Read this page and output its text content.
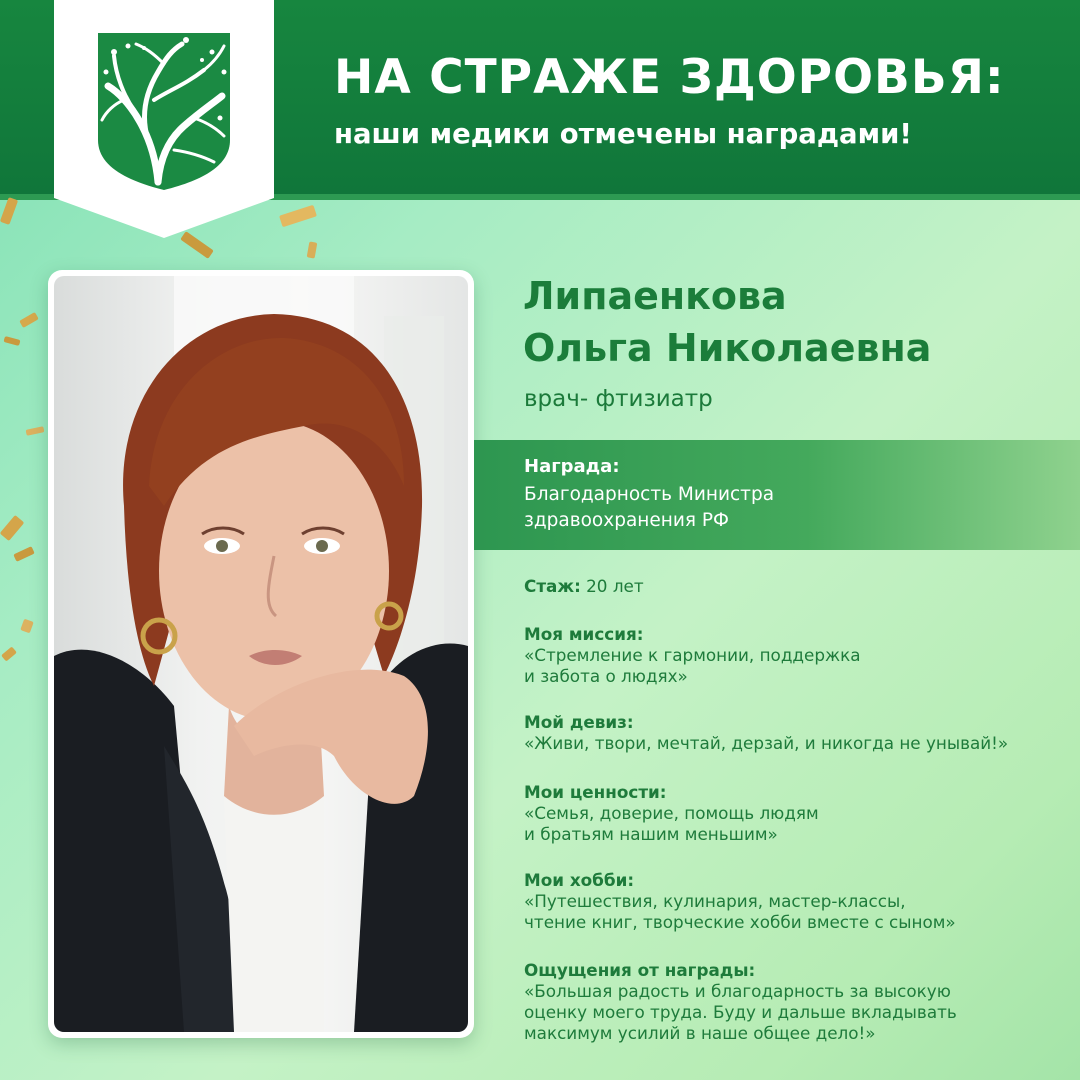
НА СТРАЖЕ ЗДОРОВЬЯ:
наши медики отмечены наградами!
Липаенкова
Ольга Николаевна
врач- фтизиатр
Награда:
Благодарность Министра
здравоохранения РФ
Стаж: 20 лет
Моя миссия:
«Стремление к гармонии, поддержка
и забота о людях»
Мой девиз:
«Живи, твори, мечтай, дерзай, и никогда не унывай!»
Мои ценности:
«Семья, доверие, помощь людям
и братьям нашим меньшим»
Мои хобби:
«Путешествия, кулинария, мастер-классы,
чтение книг, творческие хобби вместе с сыном»
Ощущения от награды:
«Большая радость и благодарность за высокую
оценку моего труда. Буду и дальше вкладывать
максимум усилий в наше общее дело!»
